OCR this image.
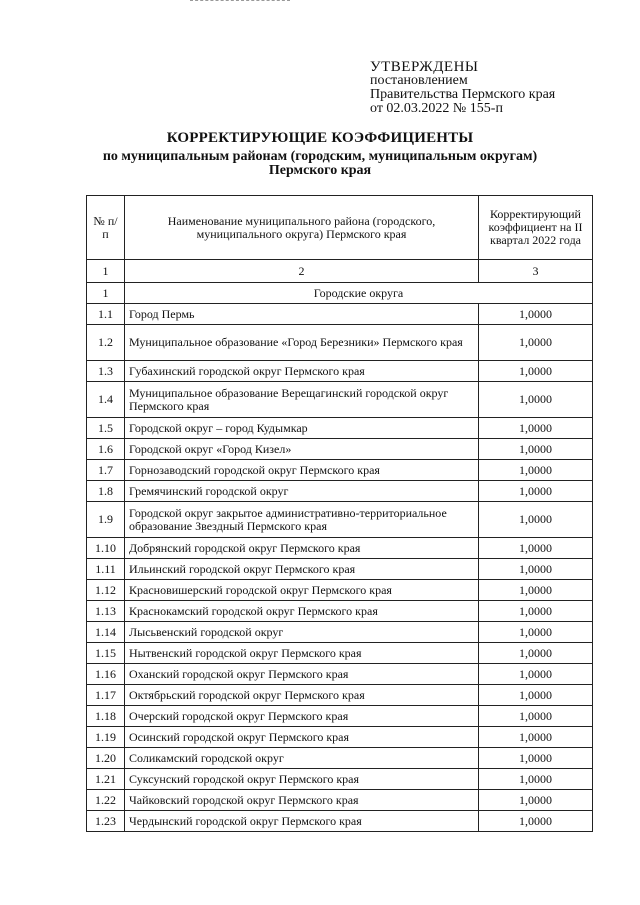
УТВЕРЖДЕНЫ
постановлением
Правительства Пермского края
от 02.03.2022 № 155-п
КОРРЕКТИРУЮЩИЕ КОЭФФИЦИЕНТЫ
по муниципальным районам (городским, муниципальным округам)
Пермского края
№ п/п	Наименование муниципального района (городского, муниципального округа) Пермского края	Корректирующий коэффициент на II квартал 2022 года
1	2	3
1	Городские округа	
1.1	Город Пермь	1,0000
1.2	Муниципальное образование «Город Березники» Пермского края	1,0000
1.3	Губахинский городской округ Пермского края	1,0000
1.4	Муниципальное образование Верещагинский городской округ Пермского края	1,0000
1.5	Городской округ – город Кудымкар	1,0000
1.6	Городской округ «Город Кизел»	1,0000
1.7	Горнозаводский городской округ Пермского края	1,0000
1.8	Гремячинский городской округ	1,0000
1.9	Городской округ закрытое административно-территориальное образование Звездный Пермского края	1,0000
1.10	Добрянский городской округ Пермского края	1,0000
1.11	Ильинский городской округ Пермского края	1,0000
1.12	Красновишерский городской округ Пермского края	1,0000
1.13	Краснокамский городской округ Пермского края	1,0000
1.14	Лысьвенский городской округ	1,0000
1.15	Нытвенский городской округ Пермского края	1,0000
1.16	Оханский городской округ Пермского края	1,0000
1.17	Октябрьский городской округ Пермского края	1,0000
1.18	Очерский городской округ Пермского края	1,0000
1.19	Осинский городской округ Пермского края	1,0000
1.20	Соликамский городской округ	1,0000
1.21	Суксунский городской округ Пермского края	1,0000
1.22	Чайковский городской округ Пермского края	1,0000
1.23	Чердынский городской округ Пермского края	1,0000
